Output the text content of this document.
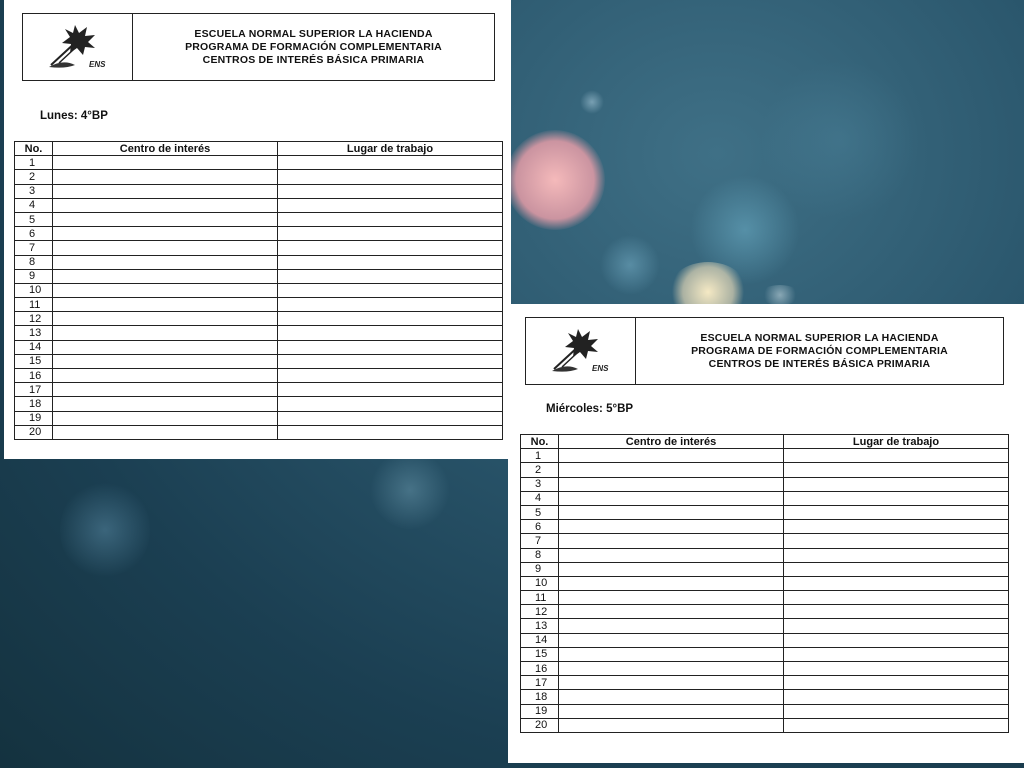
ENS
ESCUELA NORMAL SUPERIOR LA HACIENDA
PROGRAMA DE FORMACIÓN COMPLEMENTARIA
CENTROS DE INTERÉS BÁSICA PRIMARIA
Lunes: 4°BP
No.	Centro de interés	Lugar de trabajo
1		
2		
3		
4		
5		
6		
7		
8		
9		
10		
11		
12		
13		
14		
15		
16		
17		
18		
19		
20		
ENS
ESCUELA NORMAL SUPERIOR LA HACIENDA
PROGRAMA DE FORMACIÓN COMPLEMENTARIA
CENTROS DE INTERÉS BÁSICA PRIMARIA
Miércoles: 5°BP
No.	Centro de interés	Lugar de trabajo
1		
2		
3		
4		
5		
6		
7		
8		
9		
10		
11		
12		
13		
14		
15		
16		
17		
18		
19		
20		
